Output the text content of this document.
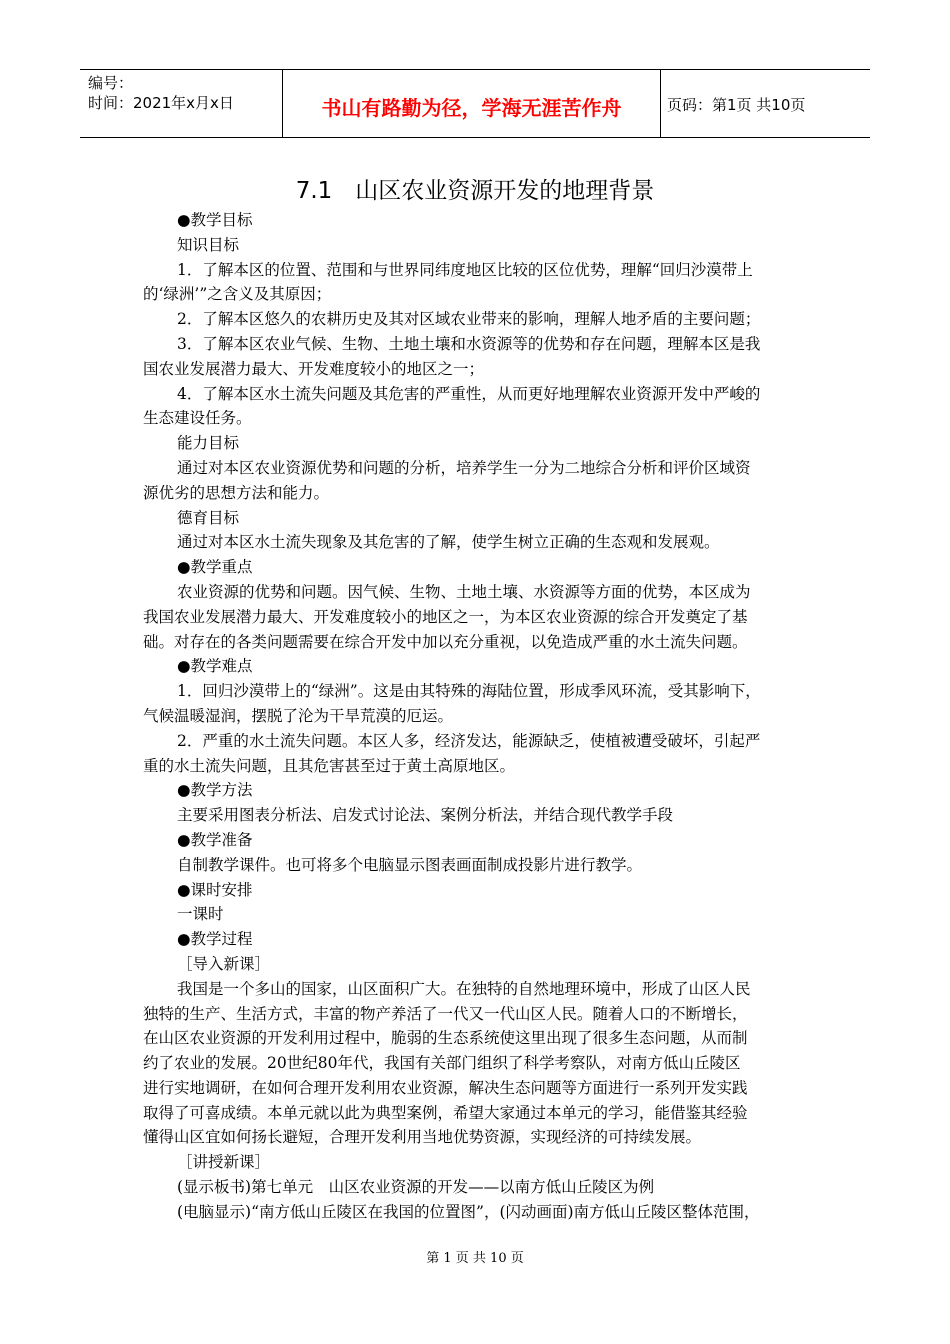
编号：
时间：2021年x月x日	书山有路勤为径，学海无涯苦作舟	页码：第1页 共10页
7.1　山区农业资源开发的地理背景

●教学目标

知识目标

1．了解本区的位置、范围和与世界同纬度地区比较的区位优势，理解“回归沙漠带上

的‘绿洲’”之含义及其原因；

2．了解本区悠久的农耕历史及其对区域农业带来的影响，理解人地矛盾的主要问题；

3．了解本区农业气候、生物、土地土壤和水资源等的优势和存在问题，理解本区是我

国农业发展潜力最大、开发难度较小的地区之一；

4．了解本区水土流失问题及其危害的严重性，从而更好地理解农业资源开发中严峻的

生态建设任务。

能力目标

通过对本区农业资源优势和问题的分析，培养学生一分为二地综合分析和评价区域资

源优劣的思想方法和能力。

德育目标

通过对本区水土流失现象及其危害的了解，使学生树立正确的生态观和发展观。

●教学重点

农业资源的优势和问题。因气候、生物、土地土壤、水资源等方面的优势，本区成为

我国农业发展潜力最大、开发难度较小的地区之一，为本区农业资源的综合开发奠定了基

础。对存在的各类问题需要在综合开发中加以充分重视，以免造成严重的水土流失问题。

●教学难点

1．回归沙漠带上的“绿洲”。这是由其特殊的海陆位置，形成季风环流，受其影响下，

气候温暖湿润，摆脱了沦为干旱荒漠的厄运。

2．严重的水土流失问题。本区人多，经济发达，能源缺乏，使植被遭受破坏，引起严

重的水土流失问题，且其危害甚至过于黄土高原地区。

●教学方法

主要采用图表分析法、启发式讨论法、案例分析法，并结合现代教学手段

●教学准备

自制教学课件。也可将多个电脑显示图表画面制成投影片进行教学。

●课时安排

一课时

●教学过程

［导入新课］

我国是一个多山的国家，山区面积广大。在独特的自然地理环境中，形成了山区人民

独特的生产、生活方式，丰富的物产养活了一代又一代山区人民。随着人口的不断增长，

在山区农业资源的开发利用过程中，脆弱的生态系统使这里出现了很多生态问题，从而制

约了农业的发展。20世纪80年代，我国有关部门组织了科学考察队，对南方低山丘陵区

进行实地调研，在如何合理开发利用农业资源，解决生态问题等方面进行一系列开发实践

取得了可喜成绩。本单元就以此为典型案例，希望大家通过本单元的学习，能借鉴其经验

懂得山区宜如何扬长避短，合理开发利用当地优势资源，实现经济的可持续发展。

［讲授新课］

(显示板书)第七单元　山区农业资源的开发——以南方低山丘陵区为例

(电脑显示)“南方低山丘陵区在我国的位置图”，(闪动画面)南方低山丘陵区整体范围，

第 1 页 共 10 页
